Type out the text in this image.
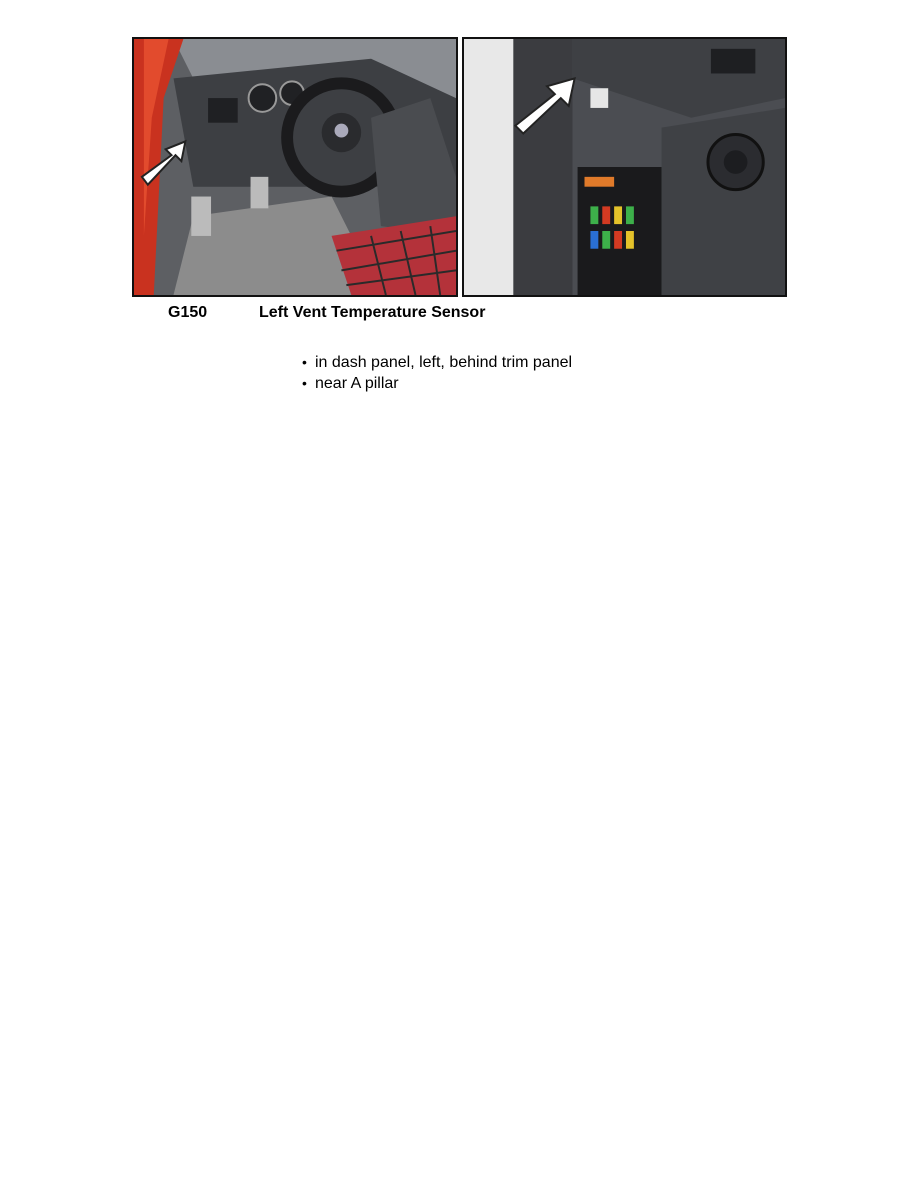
G150	Left Vent Temperature Sensor
• in dash panel, left, behind trim panel
• near A pillar
